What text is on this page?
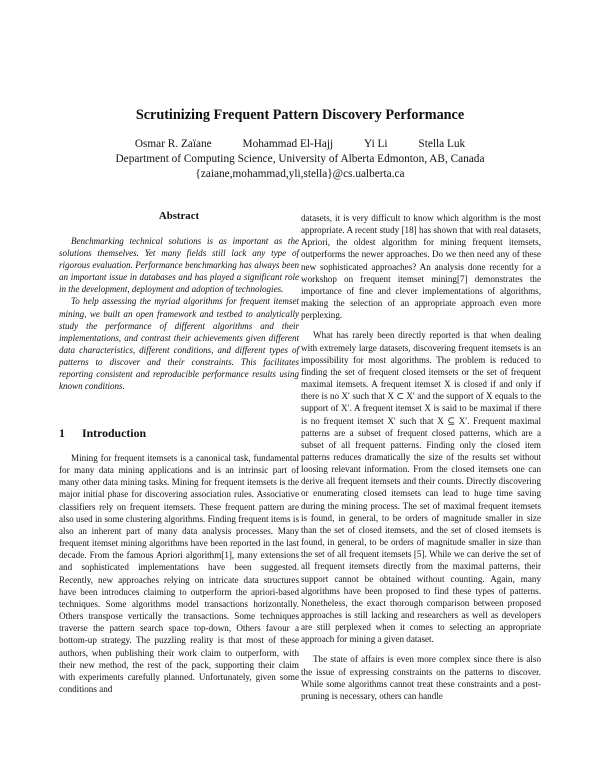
Scrutinizing Frequent Pattern Discovery Performance
Osmar R. Zaïane	Mohammad El-Hajj	Yi Li	Stella Luk
Department of Computing Science, University of Alberta Edmonton, AB, Canada
{zaiane,mohammad,yli,stella}@cs.ualberta.ca
Abstract

Benchmarking technical solutions is as important as the solutions themselves. Yet many fields still lack any type of rigorous evaluation. Performance benchmarking has always been an important issue in databases and has played a significant role in the development, deployment and adoption of technologies.

To help assessing the myriad algorithms for frequent itemset mining, we built an open framework and testbed to analytically study the performance of different algorithms and their implementations, and contrast their achievements given different data characteristics, different conditions, and different types of patterns to discover and their constraints. This facilitates reporting consistent and reproducible performance results using known conditions.

1 Introduction

Mining for frequent itemsets is a canonical task, fundamental for many data mining applications and is an intrinsic part of many other data mining tasks. Mining for frequent itemsets is the major initial phase for discovering association rules. Associative classifiers rely on frequent itemsets. These frequent pattern are also used in some clustering algorithms. Finding frequent items is also an inherent part of many data analysis processes. Many frequent itemset mining algorithms have been reported in the last decade. From the famous Apriori algorithm[1], many extensions and sophisticated implementations have been suggested. Recently, new approaches relying on intricate data structures have been introduces claiming to outperform the apriori-based techniques. Some algorithms model transactions horizontally. Others transpose vertically the transactions. Some techniques traverse the pattern search space top-down, Others favour a bottom-up strategy. The puzzling reality is that most of these authors, when publishing their work claim to outperform, with their new method, the rest of the pack, supporting their claim with experiments carefully planned. Unfortunately, given some conditions and

datasets, it is very difficult to know which algorithm is the most appropriate. A recent study [18] has shown that with real datasets, Apriori, the oldest algorithm for mining frequent itemsets, outperforms the newer approaches. Do we then need any of these new sophisticated approaches? An analysis done recently for a workshop on frequent itemset mining[7] demonstrates the importance of fine and clever implementations of algorithms, making the selection of an appropriate approach even more perplexing.

What has rarely been directly reported is that when dealing with extremely large datasets, discovering frequent itemsets is an impossibility for most algorithms. The problem is reduced to finding the set of frequent closed itemsets or the set of frequent maximal itemsets. A frequent itemset X is closed if and only if there is no X′ such that X ⊂ X′ and the support of X equals to the support of X′. A frequent itemset X is said to be maximal if there is no frequent itemset X′ such that X ⊆ X′. Frequent maximal patterns are a subset of frequent closed patterns, which are a subset of all frequent patterns. Finding only the closed item patterns reduces dramatically the size of the results set without loosing relevant information. From the closed itemsets one can derive all frequent itemsets and their counts. Directly discovering or enumerating closed itemsets can lead to huge time saving during the mining process. The set of maximal frequent itemsets is found, in general, to be orders of magnitude smaller in size than the set of closed itemsets, and the set of closed itemsets is found, in general, to be orders of magnitude smaller in size than the set of all frequent itemsets [5]. While we can derive the set of all frequent itemsets directly from the maximal patterns, their support cannot be obtained without counting. Again, many algorithms have been proposed to find these types of patterns. Nonetheless, the exact thorough comparison between proposed approaches is still lacking and researchers as well as developers are still perplexed when it comes to selecting an appropriate approach for mining a given dataset.

The state of affairs is even more complex since there is also the issue of expressing constraints on the patterns to discover. While some algorithms cannot treat these constraints and a post-pruning is necessary, others can handle
